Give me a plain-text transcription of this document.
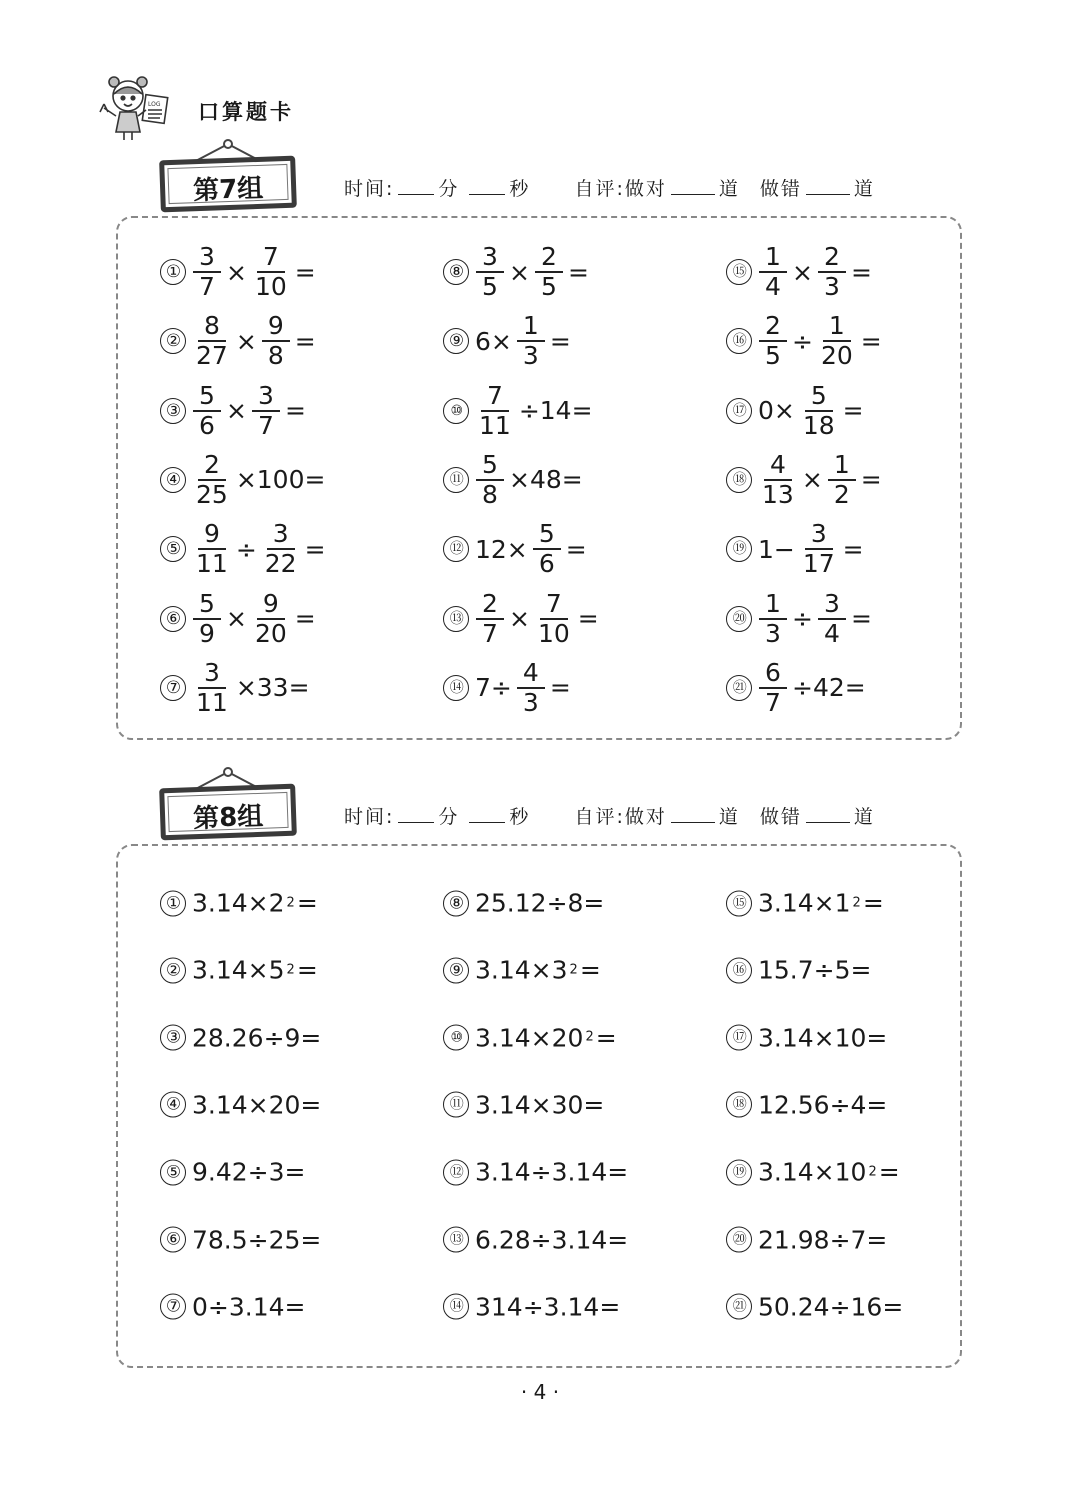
LOG 口算题卡
第7组	时间: 分	秒 自评:做对	道 做错	道
① $\frac{3}{7} \times \frac{7}{10}$ =
② $\frac{8}{27} \times \frac{9}{8}$ =
③ $\frac{5}{6} \times \frac{3}{7}$ =
④ $\frac{2}{25} \times 100=$
⑤ $\frac{9}{11} \div \frac{3}{22}$ =
⑥ $\frac{5}{9} \times \frac{9}{20}$ =
⑦ $\frac{3}{11} \times 33=$
⑧ $\frac{3}{5} \times \frac{2}{5}$ =
⑨ $6\times \frac{1}{3}$ =
⑩ $\frac{7}{11} \div 14=$
⑪ $\frac{5}{8} \times 48=$
⑫ $12\times \frac{5}{6}$ =
⑬ $\frac{2}{7} \times \frac{7}{10}$ =
⑭ $7\div \frac{4}{3}$ =
⑮ $\frac{1}{4} \times \frac{2}{3}$ =
⑯ $\frac{2}{5} \div \frac{1}{20}$ =
⑰ $0\times \frac{5}{18}$ =
⑱ $\frac{4}{13} \times \frac{1}{2}$ =
⑲ $1- \frac{3}{17}$ =
⑳ $\frac{1}{3} \div \frac{3}{4}$ =
㉑ $\frac{6}{7} \div 42=$
第8组	时间: 分	秒 自评:做对	道 做错	道
① 3.14×2 2 =
② 3.14×5 2 =
③ 28.26÷9=
④ 3.14×20=
⑤ 9.42÷3=
⑥ 78.5÷25=
⑦ 0÷3.14=
⑧ 25.12÷8=
⑨ 3.14×3 2 =
⑩ 3.14×20 2 =
⑪ 3.14×30=
⑫ 3.14÷3.14=
⑬ 6.28÷3.14=
⑭ 314÷3.14=
⑮ 3.14×1 2 =
⑯ 15.7÷5=
⑰ 3.14×10=
⑱ 12.56÷4=
⑲ 3.14×10 2 =
⑳ 21.98÷7=
㉑ 50.24÷16=
· 4 ·
